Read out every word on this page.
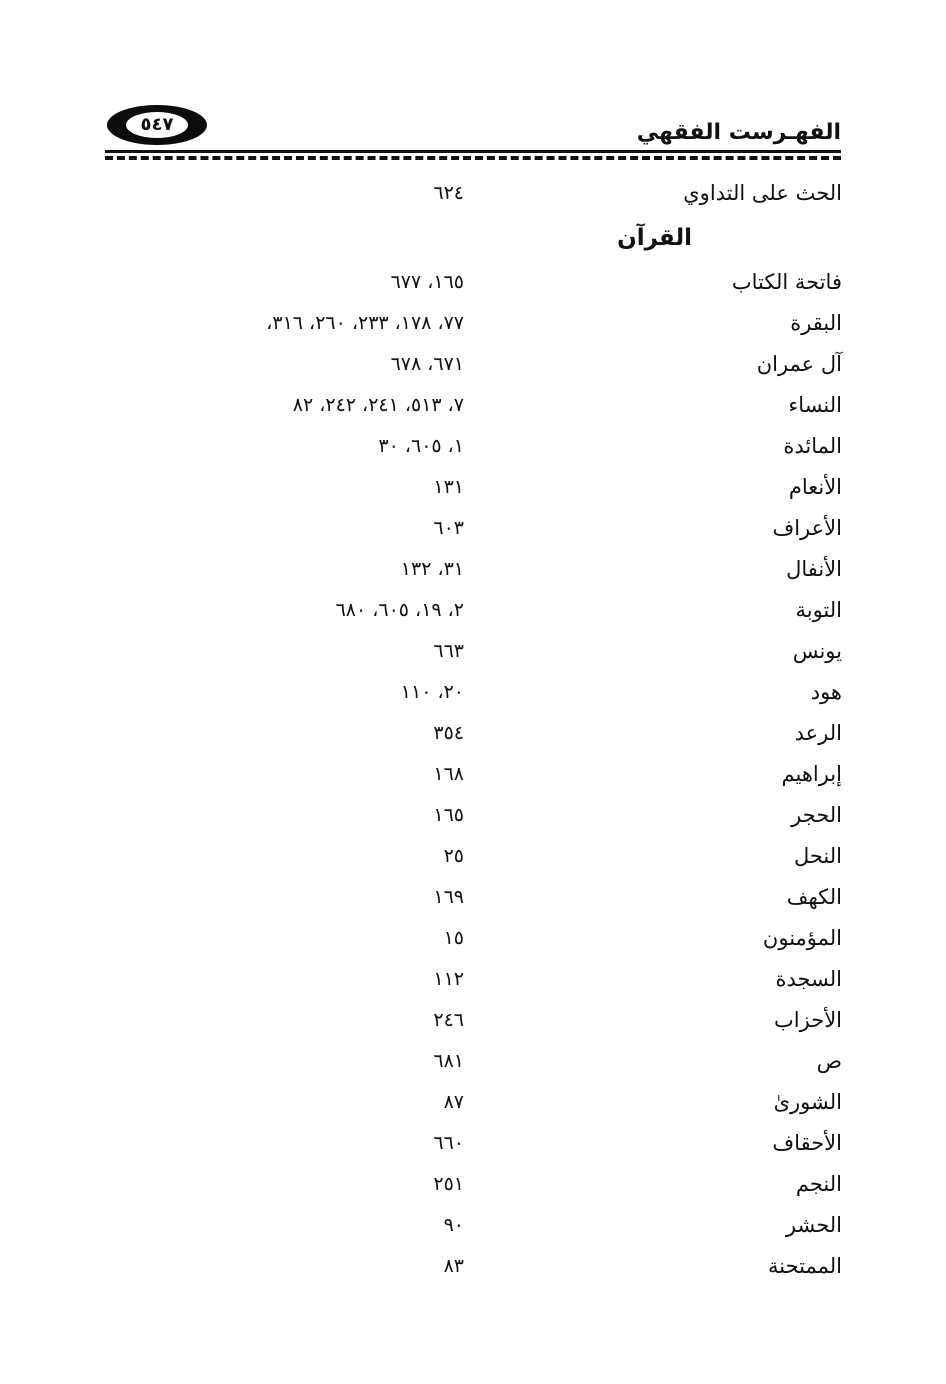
الفهـرست الفقهي
٥٤٧
الحث على التداوي
٦٢٤
القرآن
فاتحة الكتاب
١٦٥، ٦٧٧
البقرة
٧٧، ١٧٨، ٢٣٣، ٢٦٠، ٣١٦،
آل عمران
٦٧١، ٦٧٨
النساء
٧، ٥١٣، ٢٤١، ٢٤٢، ٨٢
المائدة
١، ٦٠٥، ٣٠
الأنعام
١٣١
الأعراف
٦٠٣
الأنفال
٣١، ١٣٢
التوبة
٢، ١٩، ٦٠٥، ٦٨٠
يونس
٦٦٣
هود
٢٠، ١١٠
الرعد
٣٥٤
إبراهيم
١٦٨
الحجر
١٦٥
النحل
٢٥
الكهف
١٦٩
المؤمنون
١٥
السجدة
١١٢
الأحزاب
٢٤٦
ص
٦٨١
الشورىٰ
٨٧
الأحقاف
٦٦٠
النجم
٢٥١
الحشر
٩٠
الممتحنة
٨٣
